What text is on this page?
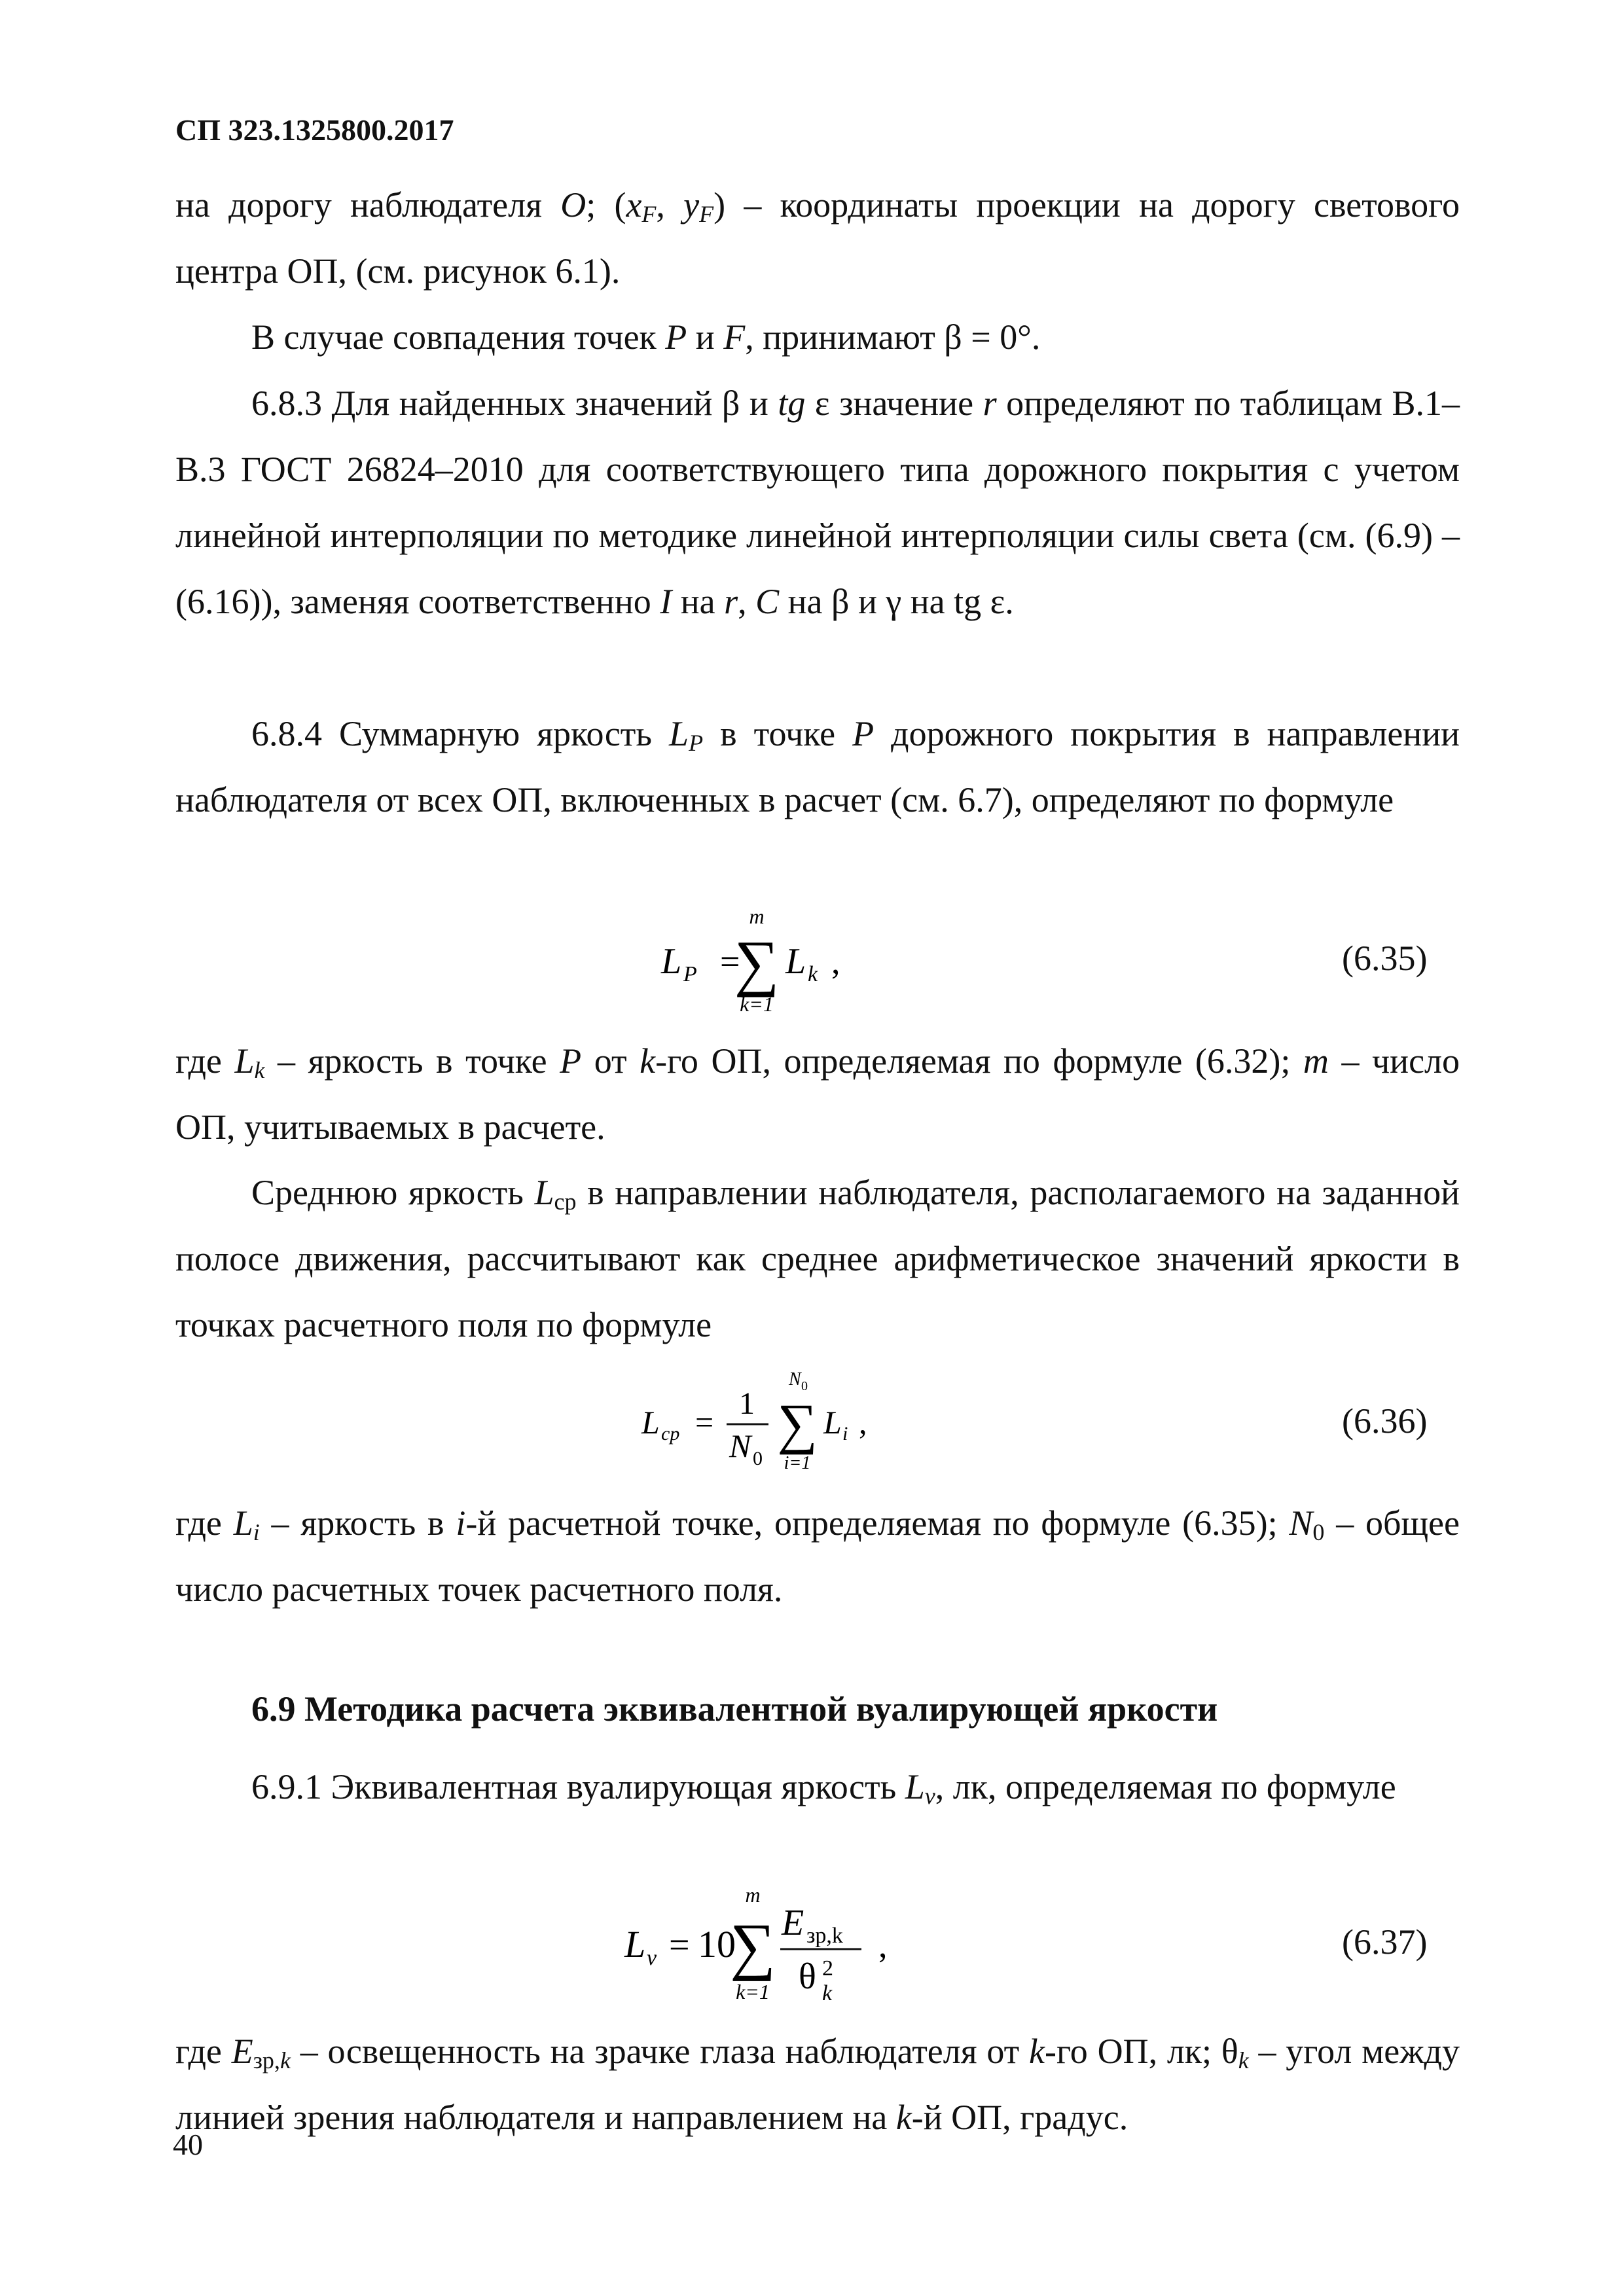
СП 323.1325800.2017

на дорогу наблюдателя O; ($x_F$, $y_F$) – координаты проекции на дорогу светового центра ОП, (см. рисунок 6.1).

В случае совпадения точек P и F, принимают β = 0°.

6.8.3 Для найденных значений β и tg ε значение r определяют по таблицам В.1–В.3 ГОСТ 26824–2010 для соответствующего типа дорожного покрытия с учетом линейной интерполяции по методике линейной интерполяции силы света (см. (6.9) – (6.16)), заменяя соответственно I на r, C на β и γ на tg ε.

6.8.4 Суммарную яркость $L_P$ в точке P дорожного покрытия в направлении наблюдателя от всех ОП, включенных в расчет (см. 6.7), определяют по формуле

L P =
m
∑
k=1
L k ,	(6.35)

где $L_k$ – яркость в точке P от k-го ОП, определяемая по формуле (6.32); m – число ОП, учитываемых в расчете.

Среднюю яркость $L_{ср}$ в направлении наблюдателя, располагаемого на заданной полосе движения, рассчитывают как среднее арифметическое значений яркости в точках расчетного поля по формуле

L cp =
1
N 0
N 0
∑
i=1
L i ,	(6.36)

где $L_i$ – яркость в i-й расчетной точке, определяемая по формуле (6.35); $N_0$ – общее число расчетных точек расчетного поля.

6.9 Методика расчета эквивалентной вуалирующей яркости

6.9.1 Эквивалентная вуалирующая яркость $L_v$, лк, определяемая по формуле

L v = 10
m
∑
k=1
E зр,k
θ 2
k
,	(6.37)

где $E_{зр,k}$ – освещенность на зрачке глаза наблюдателя от k-го ОП, лк; $\theta_k$ – угол между линией зрения наблюдателя и направлением на k-й ОП, градус.

40
